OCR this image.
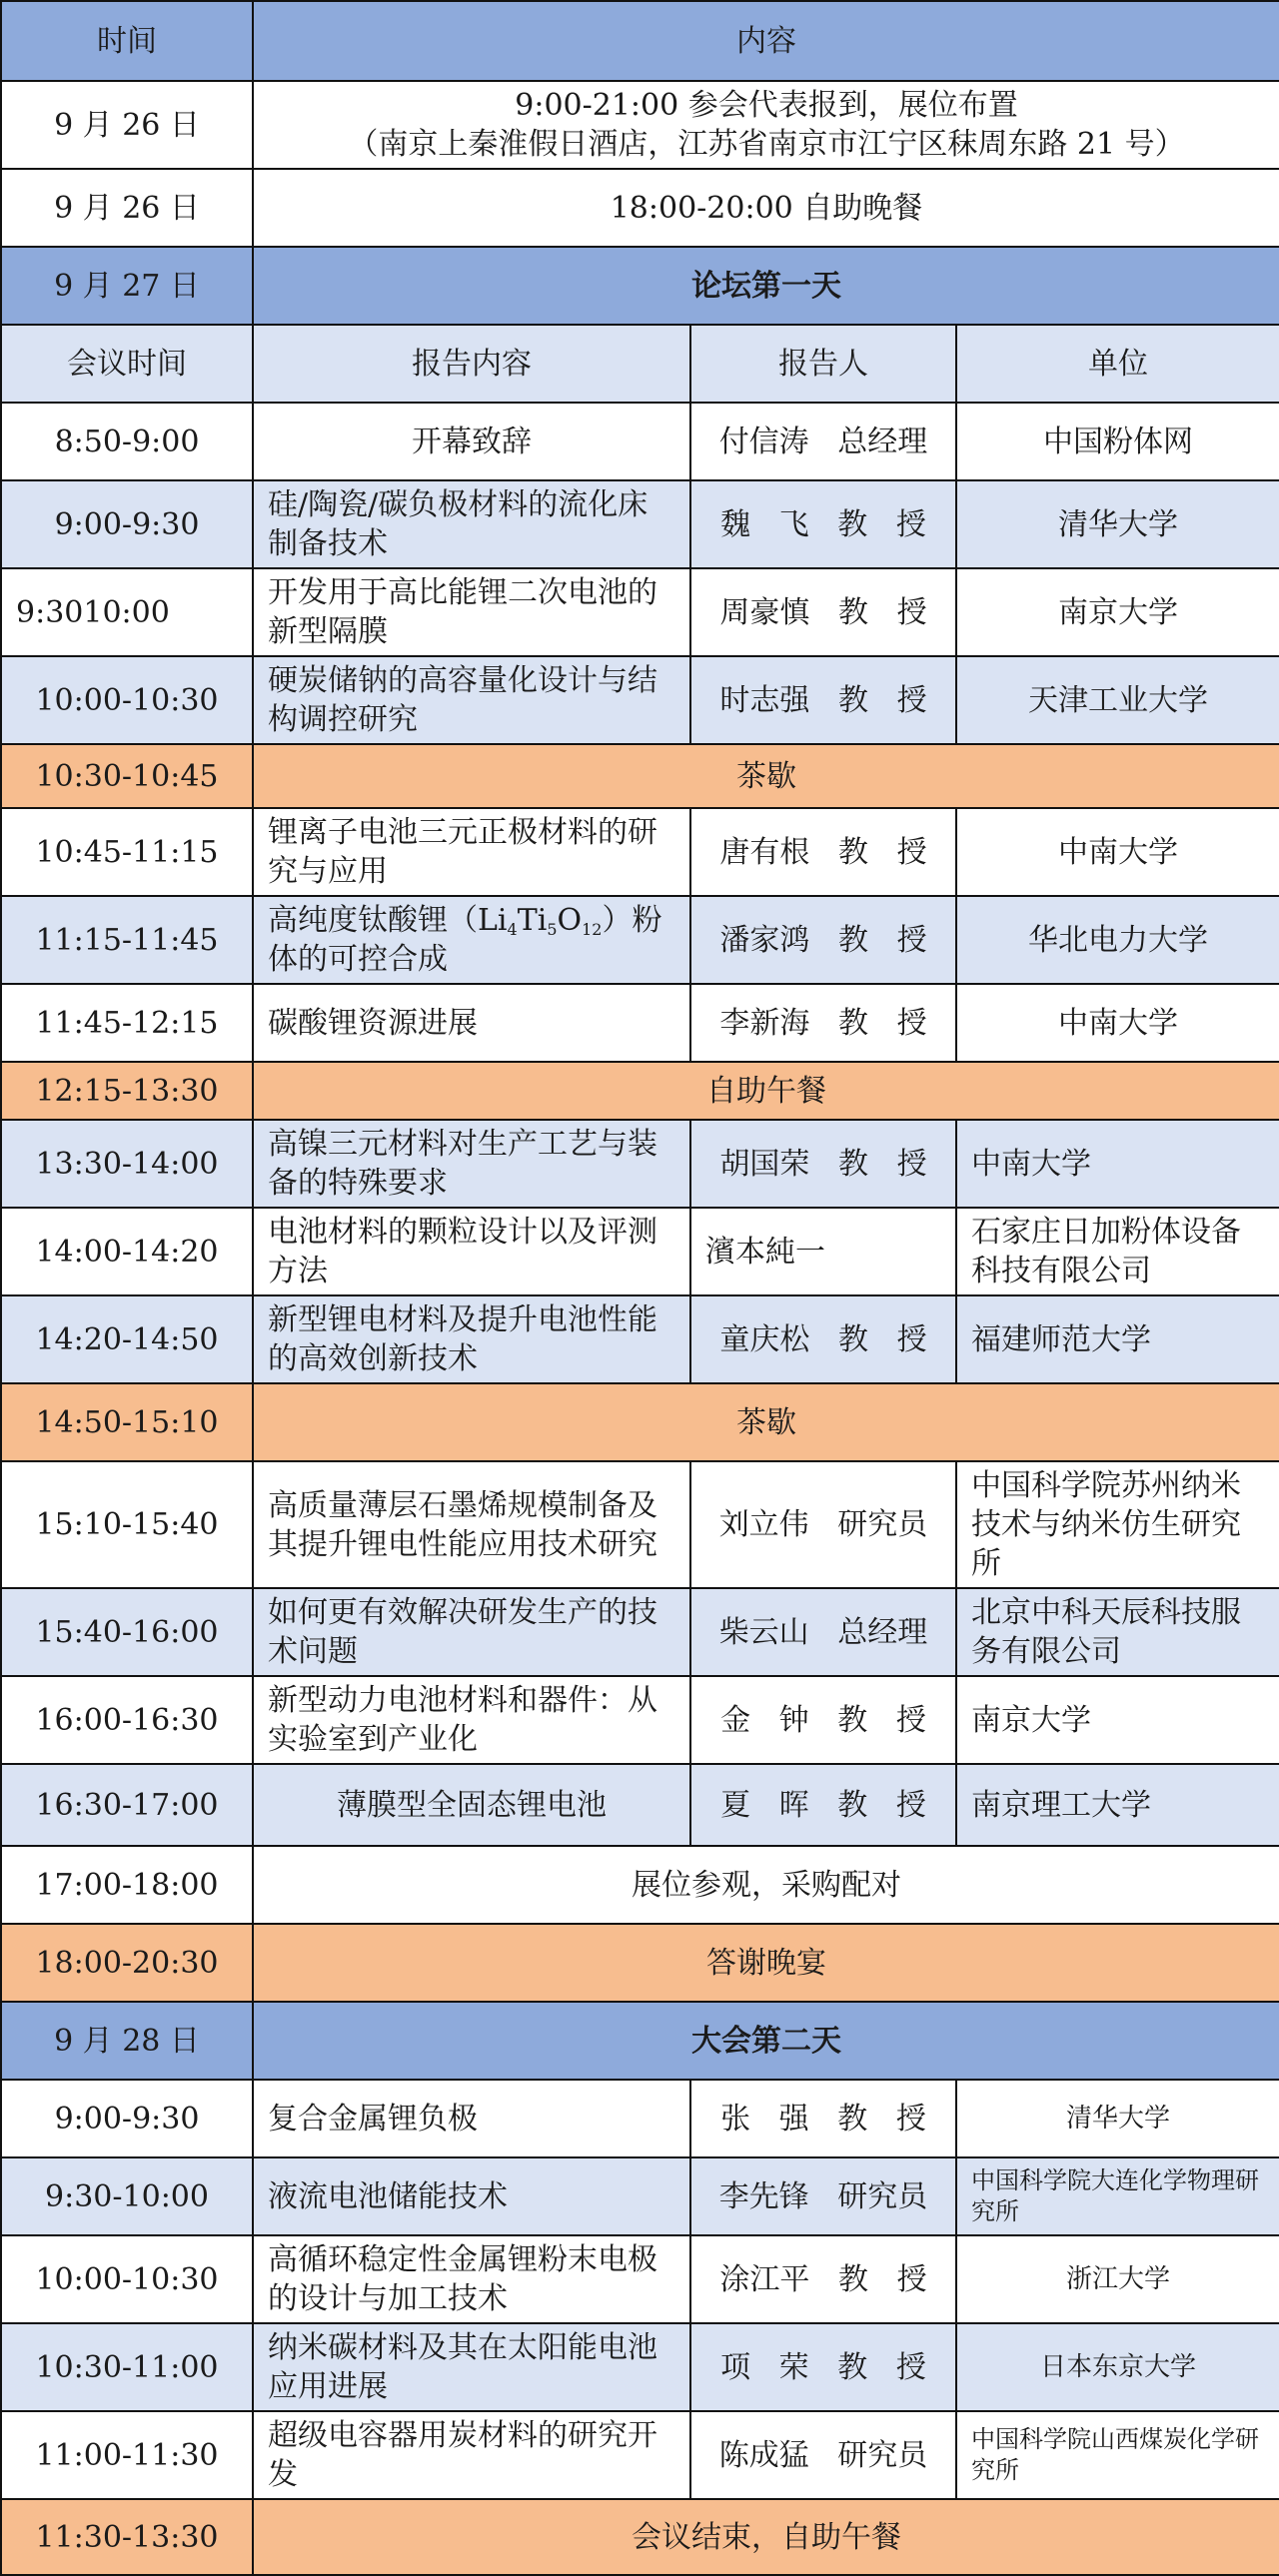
时间	内容		
9 月 26 日	9:00-21:00 参会代表报到，展位布置
（南京上秦淮假日酒店，江苏省南京市江宁区秣周东路 21 号）		

9 月 26 日	18:00-20:00 自助晚餐		
9 月 27 日	论坛第一天		
会议时间	报告内容	报告人	单位
8:50-9:00	开幕致辞	付信涛   总经理	中国粉体网
9:00-9:30	硅/陶瓷/碳负极材料的流化床制备技术	魏   飞   教   授	清华大学
9:3010:00	开发用于高比能锂二次电池的新型隔膜	周豪慎   教   授	南京大学
10:00-10:30	硬炭储钠的高容量化设计与结构调控研究	时志强   教   授	天津工业大学
10:30-10:45	茶歇		
10:45-11:15	锂离子电池三元正极材料的研究与应用	唐有根   教   授	中南大学
11:15-11:45	高纯度钛酸锂$(Li_4Ti_5O_{12})$粉体的可控合成	潘家鸿   教   授	华北电力大学
11:45-12:15	碳酸锂资源进展	李新海   教   授	中南大学
12:15-13:30	自助午餐		
13:30-14:00	高镍三元材料对生产工艺与装备的特殊要求	胡国荣   教   授	中南大学
14:00-14:20	电池材料的颗粒设计以及评测方法	濱本純一	石家庄日加粉体设备科技有限公司
14:20-14:50	新型锂电材料及提升电池性能的高效创新技术	童庆松   教   授	福建师范大学
14:50-15:10	茶歇		
15:10-15:40	高质量薄层石墨烯规模制备及其提升锂电性能应用技术研究	刘立伟   研究员	中国科学院苏州纳米技术与纳米仿生研究所
15:40-16:00	如何更有效解决研发生产的技术问题	柴云山   总经理	北京中科天辰科技服务有限公司
16:00-16:30	新型动力电池材料和器件：从实验室到产业化	金   钟   教   授	南京大学
16:30-17:00	薄膜型全固态锂电池	夏   晖   教   授	南京理工大学
17:00-18:00	展位参观，采购配对		
18:00-20:30	答谢晚宴		
9 月 28 日	大会第二天		
9:00-9:30	复合金属锂负极	张   强   教   授	清华大学
9:30-10:00	液流电池储能技术	李先锋   研究员	中国科学院大连化学物理研究所
10:00-10:30	高循环稳定性金属锂粉末电极的设计与加工技术	涂江平   教   授	浙江大学
10:30-11:00	纳米碳材料及其在太阳能电池应用进展	项   荣   教   授	日本东京大学
11:00-11:30	超级电容器用炭材料的研究开发	陈成猛   研究员	中国科学院山西煤炭化学研究所
11:30-13:30	会议结束，自助午餐		
